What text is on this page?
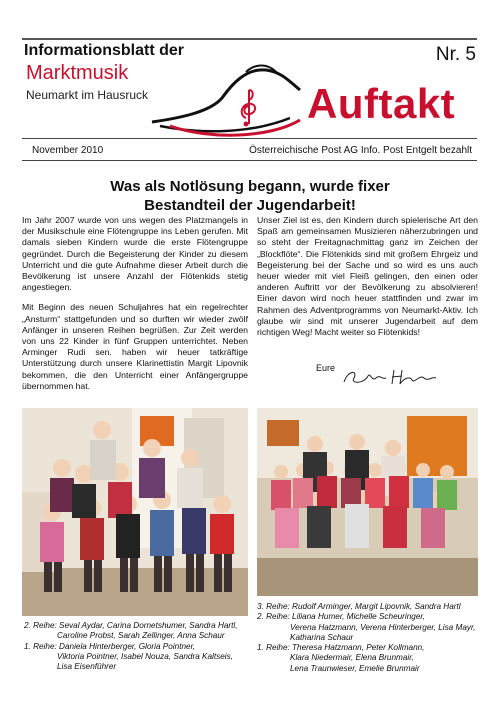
Informationsblatt der	Nr. 5
Marktmusik
Neumarkt im Hausruck	Auftakt
November 2010	Österreichische Post AG Info. Post Entgelt bezahlt
Was als Notlösung begann, wurde fixer
Bestandteil der Jugendarbeit!

Im Jahr 2007 wurde von uns wegen des Platzmangels in der Musikschule eine Flötengruppe ins Leben gerufen. Mit damals sieben Kindern wurde die erste Flötengruppe gegründet. Durch die Begeisterung der Kinder zu diesem Unterricht und die gute Aufnahme dieser Arbeit durch die Bevölkerung ist unsere Anzahl der Flötenkids stetig angestiegen.

Mit Beginn des neuen Schuljahres hat ein regelrechter „Ansturm“ stattgefunden und so durften wir wieder zwölf Anfänger in unseren Reihen begrüßen. Zur Zeit werden von uns 22 Kinder in fünf Gruppen unterrichtet. Neben Arminger Rudi sen. haben wir heuer tatkräftige Unterstützung durch unsere Klarinettistin Margit Lipovnik bekommen, die den Unterricht einer Anfängergruppe übernommen hat.

Unser Ziel ist es, den Kindern durch spielerische Art den Spaß am gemeinsamen Musizieren näherzubringen und so steht der Freitagnachmittag ganz im Zeichen der „Blockflöte“. Die Flötenkids sind mit großem Ehrgeiz und Begeisterung bei der Sache und so wird es uns auch heuer wieder mit viel Fleiß gelingen, den einen oder anderen Auftritt vor der Bevölkerung zu absolvieren! Einer davon wird noch heuer stattfinden und zwar im Rahmen des Adventprogramms von Neumarkt-Aktiv. Ich glaube wir sind mit unserer Jugendarbeit auf dem richtigen Weg! Macht weiter so Flötenkids!

Eure
2. Reihe: Seval Aydar, Carina Dornetshumer, Sandra Hartl,
Caroline Probst, Sarah Zellinger, Anna Schaur
1. Reihe: Daniela Hinterberger, Gloria Pointner,
Viktoria Pointner, Isabel Nouza, Sandra Kaltseis,
Lisa Eisenführer
3. Reihe: Rudolf Arminger, Margit Lipovnik, Sandra Hartl
2. Reihe: Liliana Humer, Michelle Scheuringer,
Verena Hatzmann, Verena Hinterberger, Lisa Mayr,
Katharina Schaur
1. Reihe: Theresa Hatzmann, Peter Kollmann,
Klara Niedermair, Elena Brunmair,
Lena Traunwieser, Emelie Brunmair
